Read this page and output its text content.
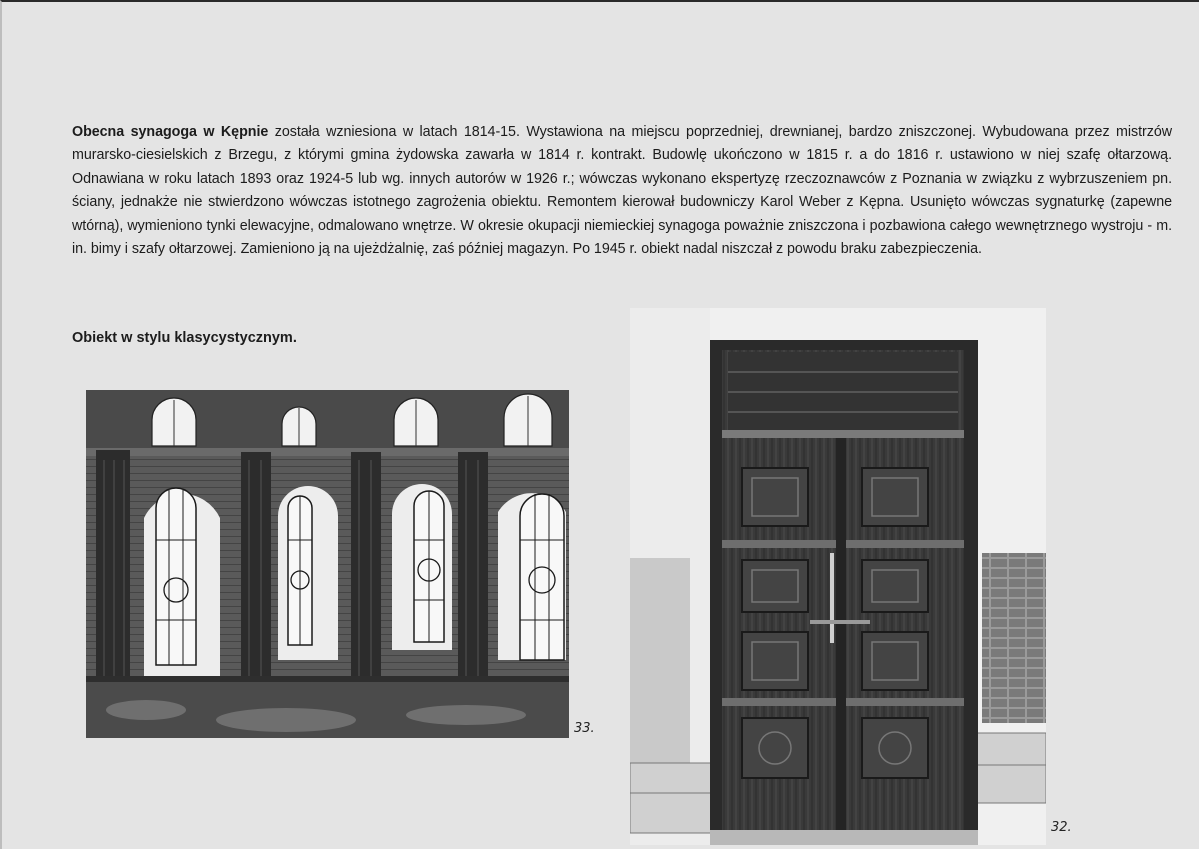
Obecna synagoga w Kępnie została wzniesiona w latach 1814-15. Wystawiona na miejscu poprzedniej, drewnianej, bardzo zniszczonej. Wybudowana przez mistrzów murarsko-ciesielskich z Brzegu, z którymi gmina żydowska zawarła w 1814 r. kontrakt. Budowlę ukończono w 1815 r. a do 1816 r. ustawiono w niej szafę ołtarzową. Odnawiana w roku latach 1893 oraz 1924-5 lub wg. innych autorów w 1926 r.; wówczas wykonano ekspertyzę rzeczoznawców z Poznania w związku z wybrzuszeniem pn. ściany, jednakże nie stwierdzono wówczas istotnego zagrożenia obiektu. Remontem kierował budowniczy Karol Weber z Kępna. Usunięto wówczas sygnaturkę (zapewne wtórną), wymieniono tynki elewacyjne, odmalowano wnętrze. W okresie okupacji niemieckiej synagoga poważnie zniszczona i pozbawiona całego wewnętrznego wystroju - m. in. bimy i szafy ołtarzowej. Zamieniono ją na ujeżdżalnię, zaś później magazyn. Po 1945 r. obiekt nadal niszczał z powodu braku zabezpieczenia.
Obiekt w stylu klasycystycznym.
33.
32.
